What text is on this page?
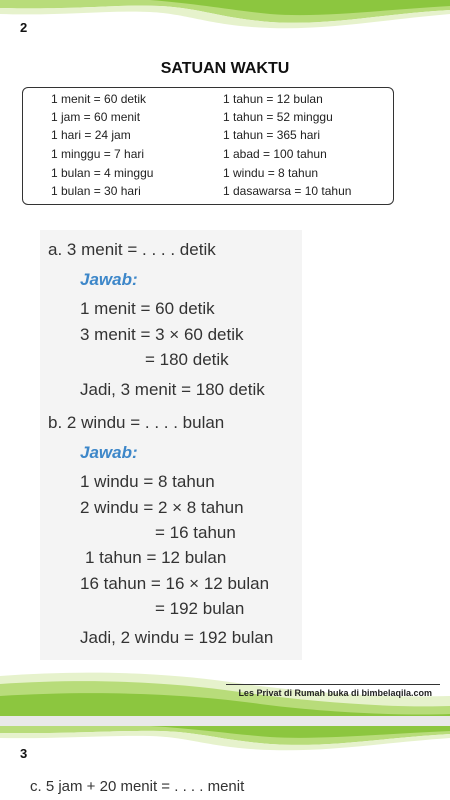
2
SATUAN WAKTU
1 menit = 60 detik
1 jam = 60 menit
1 hari = 24 jam
1 minggu = 7 hari
1 bulan = 4 minggu
1 bulan = 30 hari
1 tahun = 12 bulan
1 tahun = 52 minggu
1 tahun = 365 hari
1 abad = 100 tahun
1 windu = 8 tahun
1 dasawarsa = 10 tahun
a. 3 menit = . . . . detik
Jawab:
1 menit = 60 detik
3 menit = 3 × 60 detik
= 180 detik
Jadi, 3 menit = 180 detik
b. 2 windu = . . . . bulan
Jawab:
1 windu = 8 tahun
2 windu = 2 × 8 tahun
= 16 tahun
1 tahun = 12 bulan
16 tahun = 16 × 12 bulan
= 192 bulan
Jadi, 2 windu = 192 bulan
Les Privat di Rumah buka di bimbelaqila.com
3
c. 5 jam + 20 menit = . . . . menit
